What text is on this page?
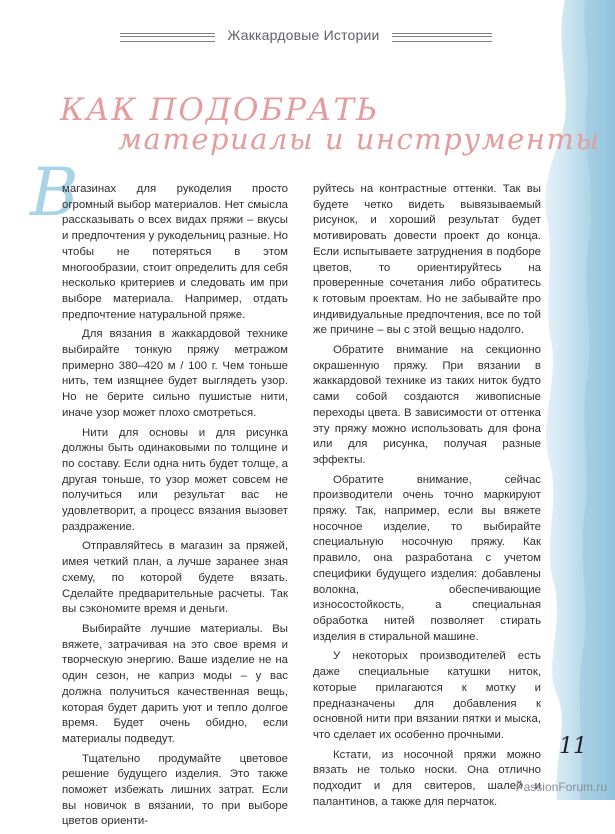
Жаккардовые Истории
КАК ПОДОБРАТЬ
материалы и инструменты
В

магазинах для рукоделия просто огромный выбор материалов. Нет смысла рассказывать о всех видах пряжи – вкусы и предпочтения у рукодельниц разные. Но чтобы не потеряться в этом многообразии, стоит определить для себя несколько критериев и следовать им при выборе материала. Например, отдать предпочтение натуральной пряже.

Для вязания в жаккардовой технике выбирайте тонкую пряжу метражом примерно 380–420 м / 100 г. Чем тоньше нить, тем изящнее будет выглядеть узор. Но не берите сильно пушистые нити, иначе узор может плохо смотреться.

Нити для основы и для рисунка должны быть одинаковыми по толщине и по составу. Если одна нить будет толще, а другая тоньше, то узор может совсем не получиться или результат вас не удовлетворит, а процесс вязания вызовет раздражение.

Отправляйтесь в магазин за пряжей, имея четкий план, а лучше заранее зная схему, по которой будете вязать. Сделайте предварительные расчеты. Так вы сэкономите время и деньги.

Выбирайте лучшие материалы. Вы вяжете, затрачивая на это свое время и творческую энергию. Ваше изделие не на один сезон, не каприз моды – у вас должна получиться качественная вещь, которая будет дарить уют и тепло долгое время. Будет очень обидно, если материалы подведут.

Тщательно продумайте цветовое решение будущего изделия. Это также поможет избежать лишних затрат. Если вы новичок в вязании, то при выборе цветов ориенти-

руйтесь на контрастные оттенки. Так вы будете четко видеть вывязываемый рисунок, и хороший результат будет мотивировать довести проект до конца. Если испытываете затруднения в подборе цветов, то ориентируйтесь на проверенные сочетания либо обратитесь к готовым проектам. Но не забывайте про индивидуальные предпочтения, все по той же причине – вы с этой вещью надолго.

Обратите внимание на секционно окрашенную пряжу. При вязании в жаккардовой технике из таких ниток будто сами собой создаются живописные переходы цвета. В зависимости от оттенка эту пряжу можно использовать для фона или для рисунка, получая разные эффекты.

Обратите внимание, сейчас производители очень точно маркируют пряжу. Так, например, если вы вяжете носочное изделие, то выбирайте специальную носочную пряжу. Как правило, она разработана с учетом специфики будущего изделия: добавлены волокна, обеспечивающие износостойкость, а специальная обработка нитей позволяет стирать изделия в стиральной машине.

У некоторых производителей есть даже специальные катушки ниток, которые прилагаются к мотку и предназначены для добавления к основной нити при вязании пятки и мыска, что сделает их особенно прочными.

Кстати, из носочной пряжи можно вязать не только носки. Она отлично подходит и для свитеров, шалей и палантинов, а также для перчаток.

11
PassionForum.ru
